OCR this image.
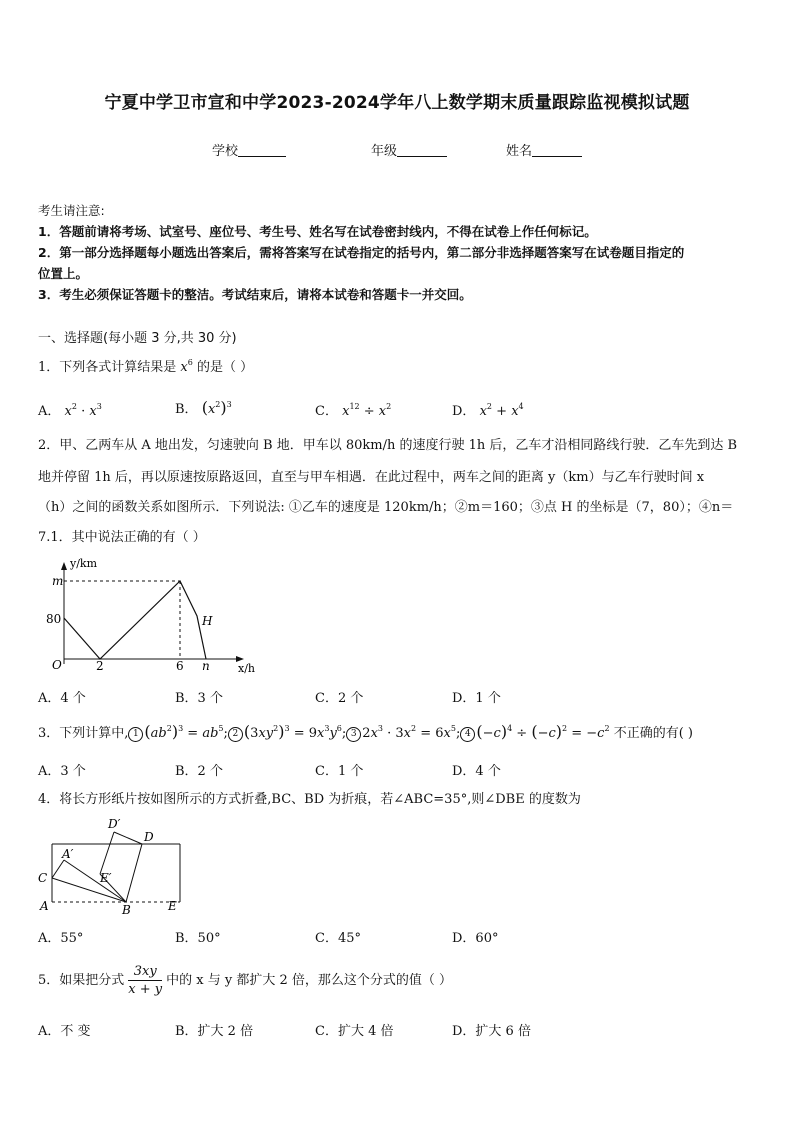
宁夏中学卫市宣和中学2023-2024学年八上数学期末质量跟踪监视模拟试题
学校	年级	姓名
考生请注意:
1．答题前请将考场、试室号、座位号、考生号、姓名写在试卷密封线内，不得在试卷上作任何标记。
2．第一部分选择题每小题选出答案后，需将答案写在试卷指定的括号内，第二部分非选择题答案写在试卷题目指定的
位置上。
3．考生必须保证答题卡的整洁。考试结束后，请将本试卷和答题卡一并交回。
一、选择题(每小题 3 分,共 30 分)
1．下列各式计算结果是 $x^6$ 的是（ ）
A． $x^2 \cdot x^3$	B． $(x^2)^3$	C． $x^{12} \div x^2$	D． $x^2 + x^4$
2．甲、乙两车从 A 地出发，匀速驶向 B 地．甲车以 80km/h 的速度行驶 1h 后，乙车才沿相同路线行驶．乙车先到达 B
地并停留 1h 后，再以原速按原路返回，直至与甲车相遇．在此过程中，两车之间的距离 y（km）与乙车行驶时间 x
（h）之间的函数关系如图所示．下列说法: ①乙车的速度是 120km/h；②m＝160；③点 H 的坐标是（7，80）；④n＝
7.1．其中说法正确的有（ ）
y/km
x/h
m
80
O	2	6 n
H
A．4 个	B．3 个	C．2 个	D．1 个
3．下列计算中, 1 $(ab^2)^3 = ab^5$; 2 $(3xy^2)^3 = 9x^3y^6$; 3 $2x^3 \cdot 3x^2 = 6x^5$; 4 $(-c)^4 \div (-c)^2 = -c^2$ 不正确的有( )
A．3 个	B．2 个	C．1 个	D．4 个
4．将长方形纸片按如图所示的方式折叠,BC、BD 为折痕，若∠ABC=35°,则∠DBE 的度数为
D′
D
A′
C	E′
A	B	E
A．55°	B．50°	C．45°	D．60°
5．如果把分式 $\frac{3xy}{x + y}$ 中的 x 与 y 都扩大 2 倍，那么这个分式的值（ ）
A．不 变	B．扩大 2 倍	C．扩大 4 倍	D．扩大 6 倍
